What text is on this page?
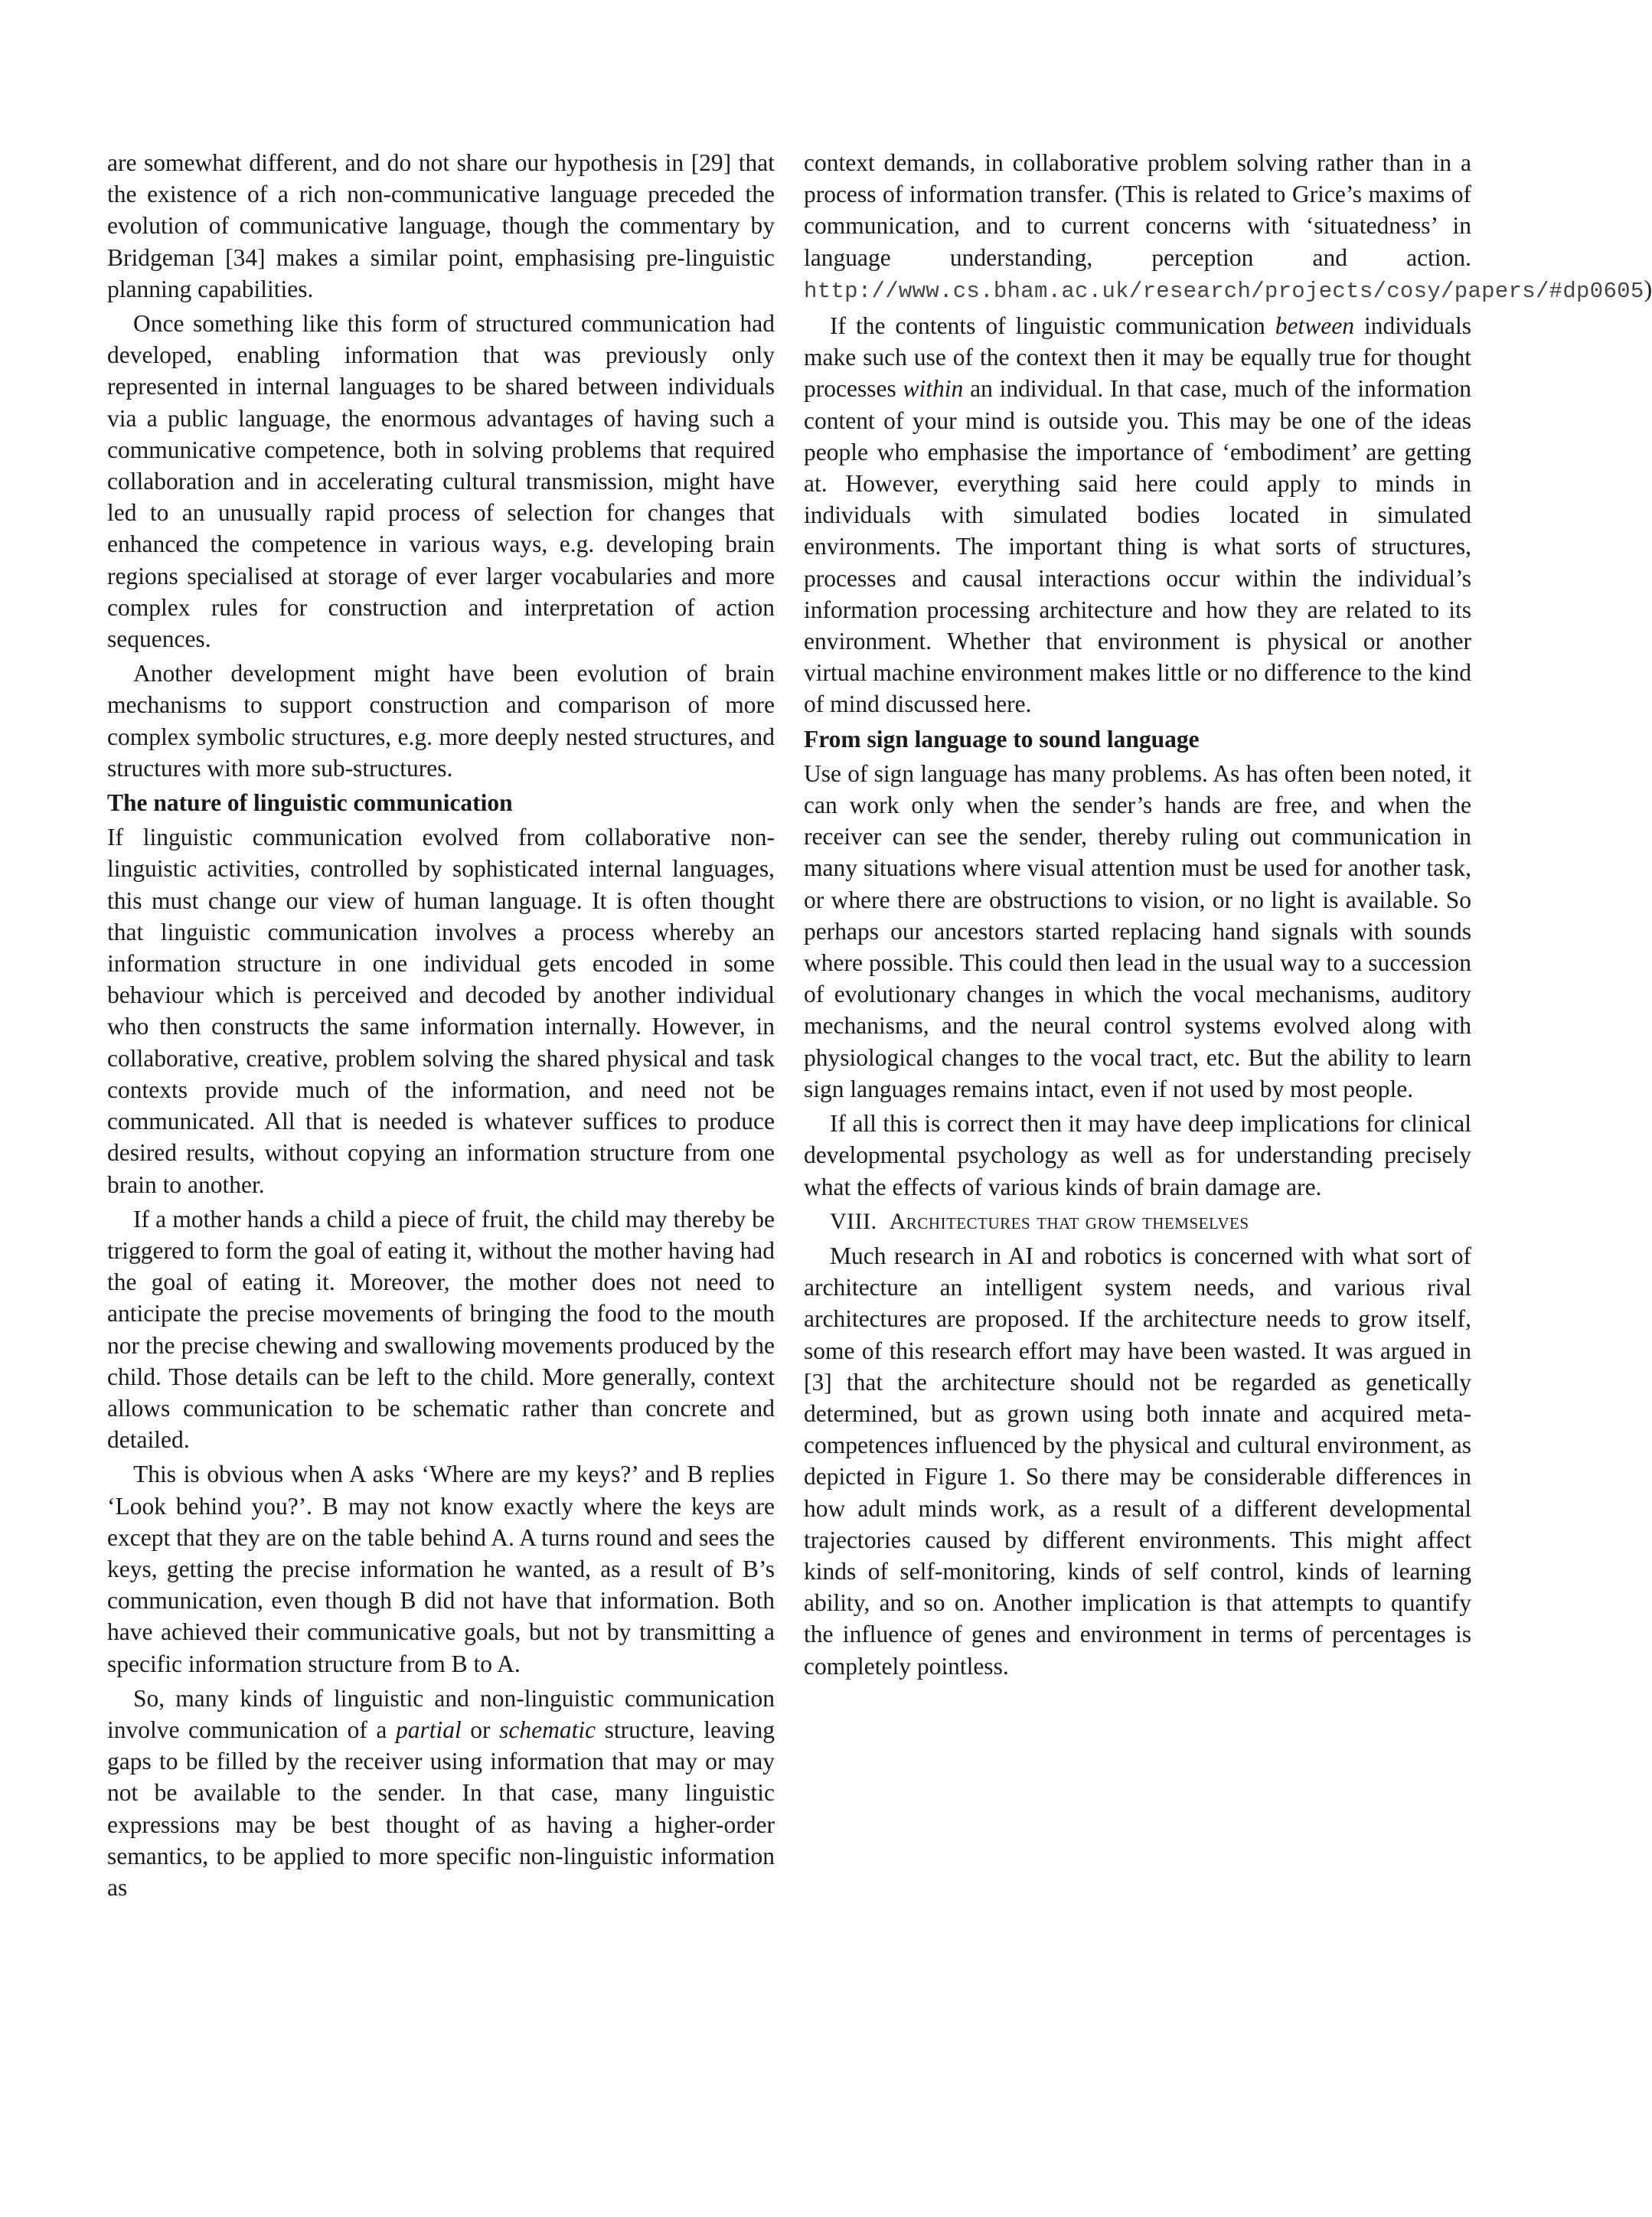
are somewhat different, and do not share our hypothesis in [29] that the existence of a rich non-communicative language preceded the evolution of communicative language, though the commentary by Bridgeman [34] makes a similar point, emphasising pre-linguistic planning capabilities.

Once something like this form of structured communication had developed, enabling information that was previously only represented in internal languages to be shared between individuals via a public language, the enormous advantages of having such a communicative competence, both in solving problems that required collaboration and in accelerating cultural transmission, might have led to an unusually rapid process of selection for changes that enhanced the competence in various ways, e.g. developing brain regions specialised at storage of ever larger vocabularies and more complex rules for construction and interpretation of action sequences.

Another development might have been evolution of brain mechanisms to support construction and comparison of more complex symbolic structures, e.g. more deeply nested structures, and structures with more sub-structures.

The nature of linguistic communication

If linguistic communication evolved from collaborative non-linguistic activities, controlled by sophisticated internal languages, this must change our view of human language. It is often thought that linguistic communication involves a process whereby an information structure in one individual gets encoded in some behaviour which is perceived and decoded by another individual who then constructs the same information internally. However, in collaborative, creative, problem solving the shared physical and task contexts provide much of the information, and need not be communicated. All that is needed is whatever suffices to produce desired results, without copying an information structure from one brain to another.

If a mother hands a child a piece of fruit, the child may thereby be triggered to form the goal of eating it, without the mother having had the goal of eating it. Moreover, the mother does not need to anticipate the precise movements of bringing the food to the mouth nor the precise chewing and swallowing movements produced by the child. Those details can be left to the child. More generally, context allows communication to be schematic rather than concrete and detailed.

This is obvious when A asks ‘Where are my keys?’ and B replies ‘Look behind you?’. B may not know exactly where the keys are except that they are on the table behind A. A turns round and sees the keys, getting the precise information he wanted, as a result of B’s communication, even though B did not have that information. Both have achieved their communicative goals, but not by transmitting a specific information structure from B to A.

So, many kinds of linguistic and non-linguistic communication involve communication of a partial or schematic structure, leaving gaps to be filled by the receiver using information that may or may not be available to the sender. In that case, many linguistic expressions may be best thought of as having a higher-order semantics, to be applied to more specific non-linguistic information as

context demands, in collaborative problem solving rather than in a process of information transfer. (This is related to Grice’s maxims of communication, and to current concerns with ‘situatedness’ in language understanding, perception and action. http://www.cs.bham.ac.uk/research/projects/cosy/papers/#dp0605)

If the contents of linguistic communication between individuals make such use of the context then it may be equally true for thought processes within an individual. In that case, much of the information content of your mind is outside you. This may be one of the ideas people who emphasise the importance of ‘embodiment’ are getting at. However, everything said here could apply to minds in individuals with simulated bodies located in simulated environments. The important thing is what sorts of structures, processes and causal interactions occur within the individual’s information processing architecture and how they are related to its environment. Whether that environment is physical or another virtual machine environment makes little or no difference to the kind of mind discussed here.

From sign language to sound language

Use of sign language has many problems. As has often been noted, it can work only when the sender’s hands are free, and when the receiver can see the sender, thereby ruling out communication in many situations where visual attention must be used for another task, or where there are obstructions to vision, or no light is available. So perhaps our ancestors started replacing hand signals with sounds where possible. This could then lead in the usual way to a succession of evolutionary changes in which the vocal mechanisms, auditory mechanisms, and the neural control systems evolved along with physiological changes to the vocal tract, etc. But the ability to learn sign languages remains intact, even if not used by most people.

If all this is correct then it may have deep implications for clinical developmental psychology as well as for understanding precisely what the effects of various kinds of brain damage are.

VIII. Architectures that grow themselves

Much research in AI and robotics is concerned with what sort of architecture an intelligent system needs, and various rival architectures are proposed. If the architecture needs to grow itself, some of this research effort may have been wasted. It was argued in [3] that the architecture should not be regarded as genetically determined, but as grown using both innate and acquired meta-competences influenced by the physical and cultural environment, as depicted in Figure 1. So there may be considerable differences in how adult minds work, as a result of a different developmental trajectories caused by different environments. This might affect kinds of self-monitoring, kinds of self control, kinds of learning ability, and so on. Another implication is that attempts to quantify the influence of genes and environment in terms of percentages is completely pointless.
